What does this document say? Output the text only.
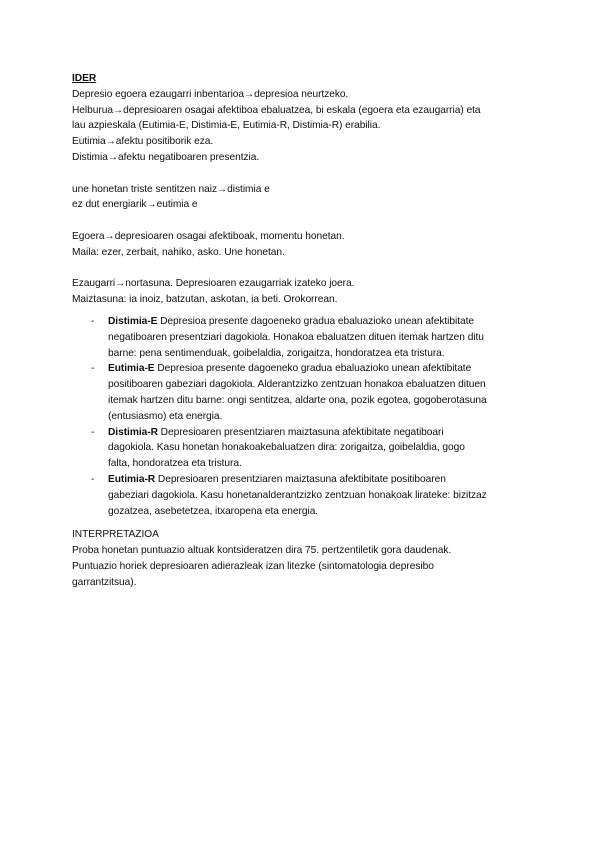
IDER

Depresio egoera ezaugarri inbentarioa→depresioa neurtzeko.

Helburua→depresioaren osagai afektiboa ebaluatzea, bi eskala (egoera eta ezaugarria) eta

lau azpieskala (Eutimia-E, Distimia-E, Eutimia-R, Distimia-R) erabilia.

Eutimia→afektu positiborik eza.

Distimia→afektu negatiboaren presentzia.

une honetan triste sentitzen naiz→distimia e

ez dut energiarik→eutimia e

Egoera→depresioaren osagai afektiboak, momentu honetan.

Maila: ezer, zerbait, nahiko, asko. Une honetan.

Ezaugarri→nortasuna. Depresioaren ezaugarriak izateko joera.

Maiztasuna: ia inoiz, batzutan, askotan, ia beti. Orokorrean.

- Distimia-E Depresioa presente dagoeneko gradua ebaluazioko unean afektibitate

negatiboaren presentziari dagokiola. Honakoa ebaluatzen dituen itemak hartzen ditu

barne: pena sentimenduak, goibelaldia, zorigaitza, hondoratzea eta tristura.

- Eutimia-E Depresioa presente dagoeneko gradua ebaluazioko unean afektibitate

positiboaren gabeziari dagokiola. Alderantzizko zentzuan honakoa ebaluatzen dituen

itemak hartzen ditu barne: ongi sentitzea, aldarte ona, pozik egotea, gogoberotasuna

(entusiasmo) eta energia.

- Distimia-R Depresioaren presentziaren maiztasuna afektibitate negatiboari

dagokiola. Kasu honetan honakoakebaluatzen dira: zorigaitza, goibelaldia, gogo

falta, hondoratzea eta tristura.

- Eutimia-R Depresioaren presentziaren maiztasuna afektibitate positiboaren

gabeziari dagokiola. Kasu honetanalderantzizko zentzuan honakoak lirateke: bizitzaz

gozatzea, asebetetzea, itxaropena eta energia.

INTERPRETAZIOA

Proba honetan puntuazio altuak kontsideratzen dira 75. pertzentiletik gora daudenak.

Puntuazio horiek depresioaren adierazleak izan litezke (sintomatologia depresibo

garrantzitsua).
